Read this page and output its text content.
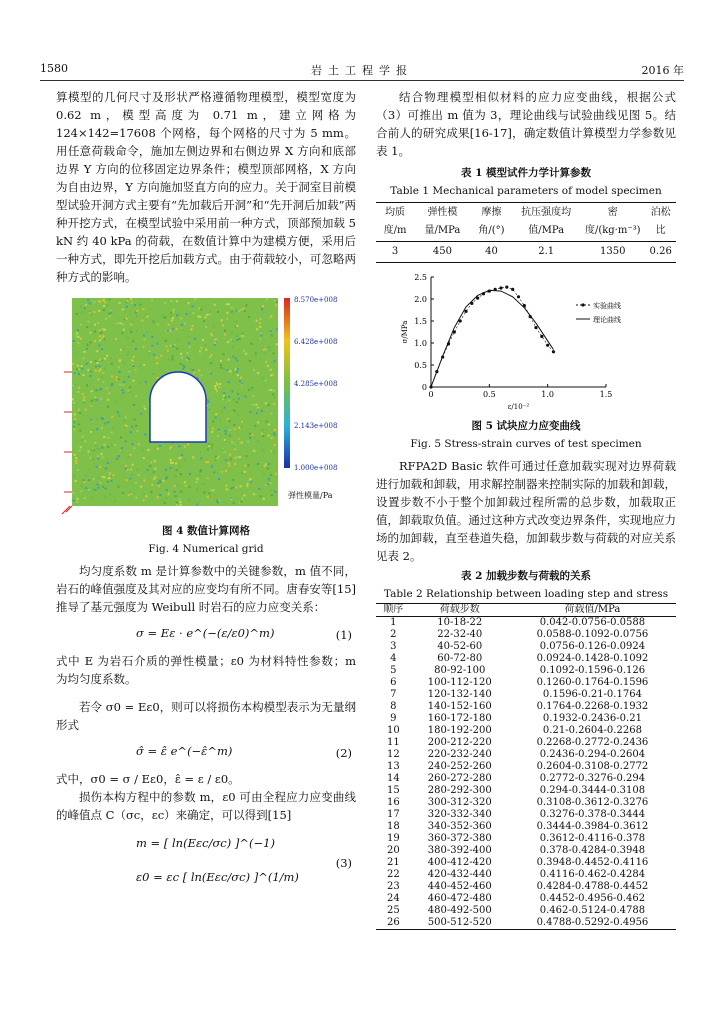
1580	岩土工程学报	2016 年

算模型的几何尺寸及形状严格遵循物理模型，模型宽度为 0.62 m，模型高度为 0.71 m，建立网格为124×142=17608 个网格，每个网格的尺寸为 5 mm。用任意荷载命令，施加左侧边界和右侧边界 X 方向和底部边界 Y 方向的位移固定边界条件；模型顶部网格，X 方向为自由边界，Y 方向施加竖直方向的应力。关于洞室目前模型试验开洞方式主要有“先加载后开洞”和“先开洞后加载”两种开挖方式，在模型试验中采用前一种方式，顶部预加载 5 kN 约 40 kPa 的荷载，在数值计算中为建模方便，采用后一种方式，即先开挖后加载方式。由于荷载较小，可忽略两种方式的影响。

8.570e+008
6.428e+008
4.285e+008
2.143e+008
1.000e+008
弹性模量/Pa
图 4 数值计算网格
Fig. 4 Numerical grid

均匀度系数 m 是计算参数中的关键参数，m 值不同，岩石的峰值强度及其对应的应变均有所不同。唐春安等[15]推导了基元强度为 Weibull 时岩石的应力应变关系：

σ = Eε · e^(−(ε/ε0)^m)	(1)

式中 E 为岩石介质的弹性模量；ε0 为材料特性参数；m 为均匀度系数。

若令 σ0 = Eε0，则可以将损伤本构模型表示为无量纲形式

σ̂ = ε̂ e^(−ε̂^m)	(2)

式中，σ0 = σ / Eε0，ε̂ = ε / ε0。

损伤本构方程中的参数 m，ε0 可由全程应力应变曲线的峰值点 C（σc，εc）来确定，可以得到[15]

m = [ ln(Eεc/σc) ]^(−1)
ε0 = εc [ ln(Eεc/σc) ]^(1/m)
(3)

结合物理模型相似材料的应力应变曲线，根据公式（3）可推出 m 值为 3，理论曲线与试验曲线见图 5。结合前人的研究成果[16-17]，确定数值计算模型力学参数见表 1。

表 1 模型试件力学计算参数
Table 1 Mechanical parameters of model specimen
均质度/m	弹性模量/MPa	摩擦角/(°)	抗压强度均值/MPa	密度/(kg·m⁻³)	泊松比
3	450	40	2.1	1350	0.26
0	0.5	1.0	1.5
0
0.5
1.0
1.5
2.0
2.5
ε/10⁻²
σ/MPa
实验曲线
理论曲线
图 5 试块应力应变曲线
Fig. 5 Stress-strain curves of test specimen

RFPA2D Basic 软件可通过任意加载实现对边界荷载进行加载和卸载，用求解控制器来控制实际的加载和卸载，设置步数不小于整个加卸载过程所需的总步数，加载取正值，卸载取负值。通过这种方式改变边界条件，实现地应力场的加卸载，直至巷道失稳，加卸载步数与荷载的对应关系见表 2。

表 2 加载步数与荷载的关系
Table 2 Relationship between loading step and stress
顺序	荷载步数	荷载值/MPa
1	10-18-22	0.042-0.0756-0.0588
2	22-32-40	0.0588-0.1092-0.0756
3	40-52-60	0.0756-0.126-0.0924
4	60-72-80	0.0924-0.1428-0.1092
5	80-92-100	0.1092-0.1596-0.126
6	100-112-120	0.1260-0.1764-0.1596
7	120-132-140	0.1596-0.21-0.1764
8	140-152-160	0.1764-0.2268-0.1932
9	160-172-180	0.1932-0.2436-0.21
10	180-192-200	0.21-0.2604-0.2268
11	200-212-220	0.2268-0.2772-0.2436
12	220-232-240	0.2436-0.294-0.2604
13	240-252-260	0.2604-0.3108-0.2772
14	260-272-280	0.2772-0.3276-0.294
15	280-292-300	0.294-0.3444-0.3108
16	300-312-320	0.3108-0.3612-0.3276
17	320-332-340	0.3276-0.378-0.3444
18	340-352-360	0.3444-0.3984-0.3612
19	360-372-380	0.3612-0.4116-0.378
20	380-392-400	0.378-0.4284-0.3948
21	400-412-420	0.3948-0.4452-0.4116
22	420-432-440	0.4116-0.462-0.4284
23	440-452-460	0.4284-0.4788-0.4452
24	460-472-480	0.4452-0.4956-0.462
25	480-492-500	0.462-0.5124-0.4788
26	500-512-520	0.4788-0.5292-0.4956
